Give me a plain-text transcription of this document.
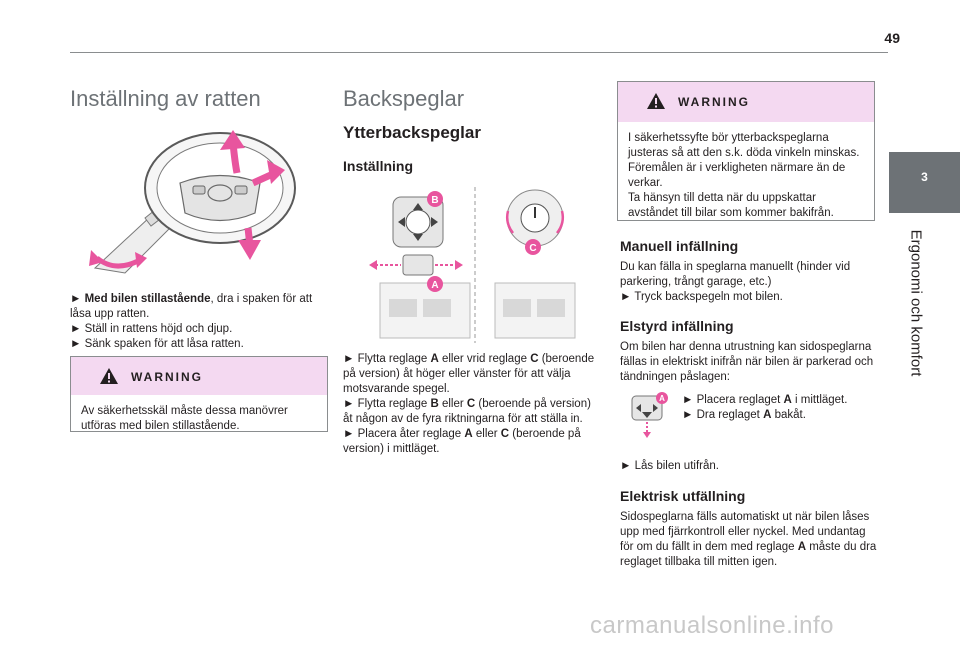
49
3
Ergonomi och komfort
Inställning av ratten

► Med bilen stillastående, dra i spaken för att låsa upp ratten.

► Ställ in rattens höjd och djup.

► Sänk spaken för att låsa ratten.

WARNING
Av säkerhetsskäl måste dessa manövrer utföras med bilen stillastående.
Backspeglar
Ytterbackspeglar
Inställning
B
A
C

► Flytta reglage A eller vrid reglage C (beroende på version) åt höger eller vänster för att välja motsvarande spegel.

► Flytta reglage B eller C (beroende på version) åt någon av de fyra riktningarna för att ställa in.

► Placera åter reglage A eller C (beroende på version) i mittläget.

WARNING
I säkerhetssyfte bör ytterbackspeglarna justeras så att den s.k. döda vinkeln minskas. Föremålen är i verkligheten närmare än de verkar.
Ta hänsyn till detta när du uppskattar avståndet till bilar som kommer bakifrån.
Manuell infällning

Du kan fälla in speglarna manuellt (hinder vid parkering, trångt garage, etc.)

► Tryck backspegeln mot bilen.

Elstyrd infällning

Om bilen har denna utrustning kan sidospeglarna fällas in elektriskt inifrån när bilen är parkerad och tändningen påslagen:

A ► Placera reglaget A i mittläget.

► Dra reglaget A bakåt.

► Lås bilen utifrån.

Elektrisk utfällning

Sidospeglarna fälls automatiskt ut när bilen låses upp med fjärrkontroll eller nyckel. Med undantag för om du fällt in dem med reglage A måste du dra reglaget tillbaka till mitten igen.

carmanualsonline.info
